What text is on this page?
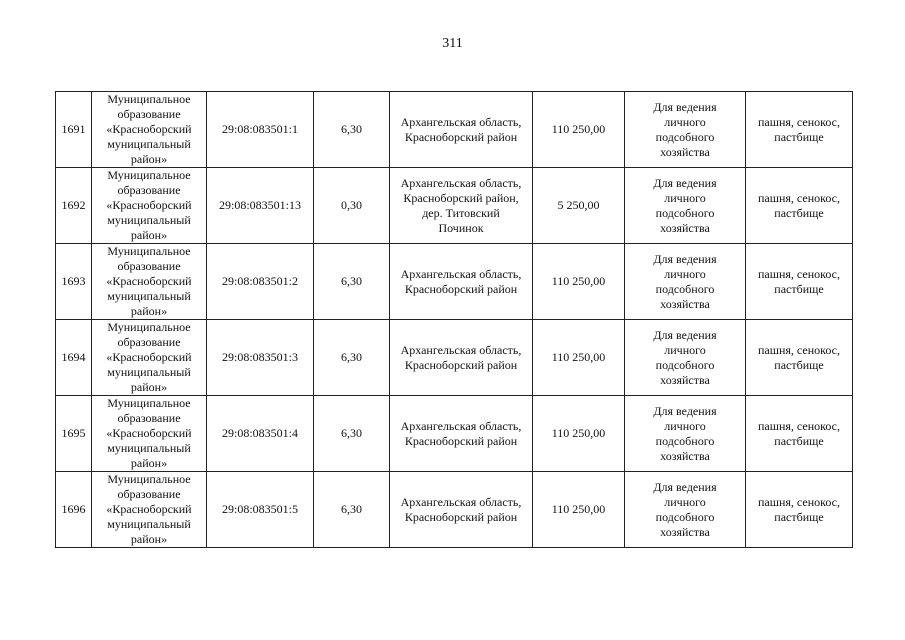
311
1691	Муниципальное
образование
«Красноборский
муниципальный
район»	29:08:083501:1	6,30	Архангельская область,
Красноборский район	110 250,00	Для ведения
личного
подсобного
хозяйства	пашня, сенокос,
пастбище

1692	Муниципальное
образование
«Красноборский
муниципальный
район»	29:08:083501:13	0,30	Архангельская область,
Красноборский район,
дер. Титовский
Починок	5 250,00	Для ведения
личного
подсобного
хозяйства	пашня, сенокос,
пастбище

1693	Муниципальное
образование
«Красноборский
муниципальный
район»	29:08:083501:2	6,30	Архангельская область,
Красноборский район	110 250,00	Для ведения
личного
подсобного
хозяйства	пашня, сенокос,
пастбище

1694	Муниципальное
образование
«Красноборский
муниципальный
район»	29:08:083501:3	6,30	Архангельская область,
Красноборский район	110 250,00	Для ведения
личного
подсобного
хозяйства	пашня, сенокос,
пастбище

1695	Муниципальное
образование
«Красноборский
муниципальный
район»	29:08:083501:4	6,30	Архангельская область,
Красноборский район	110 250,00	Для ведения
личного
подсобного
хозяйства	пашня, сенокос,
пастбище

1696	Муниципальное
образование
«Красноборский
муниципальный
район»	29:08:083501:5	6,30	Архангельская область,
Красноборский район	110 250,00	Для ведения
личного
подсобного
хозяйства	пашня, сенокос,
пастбище
